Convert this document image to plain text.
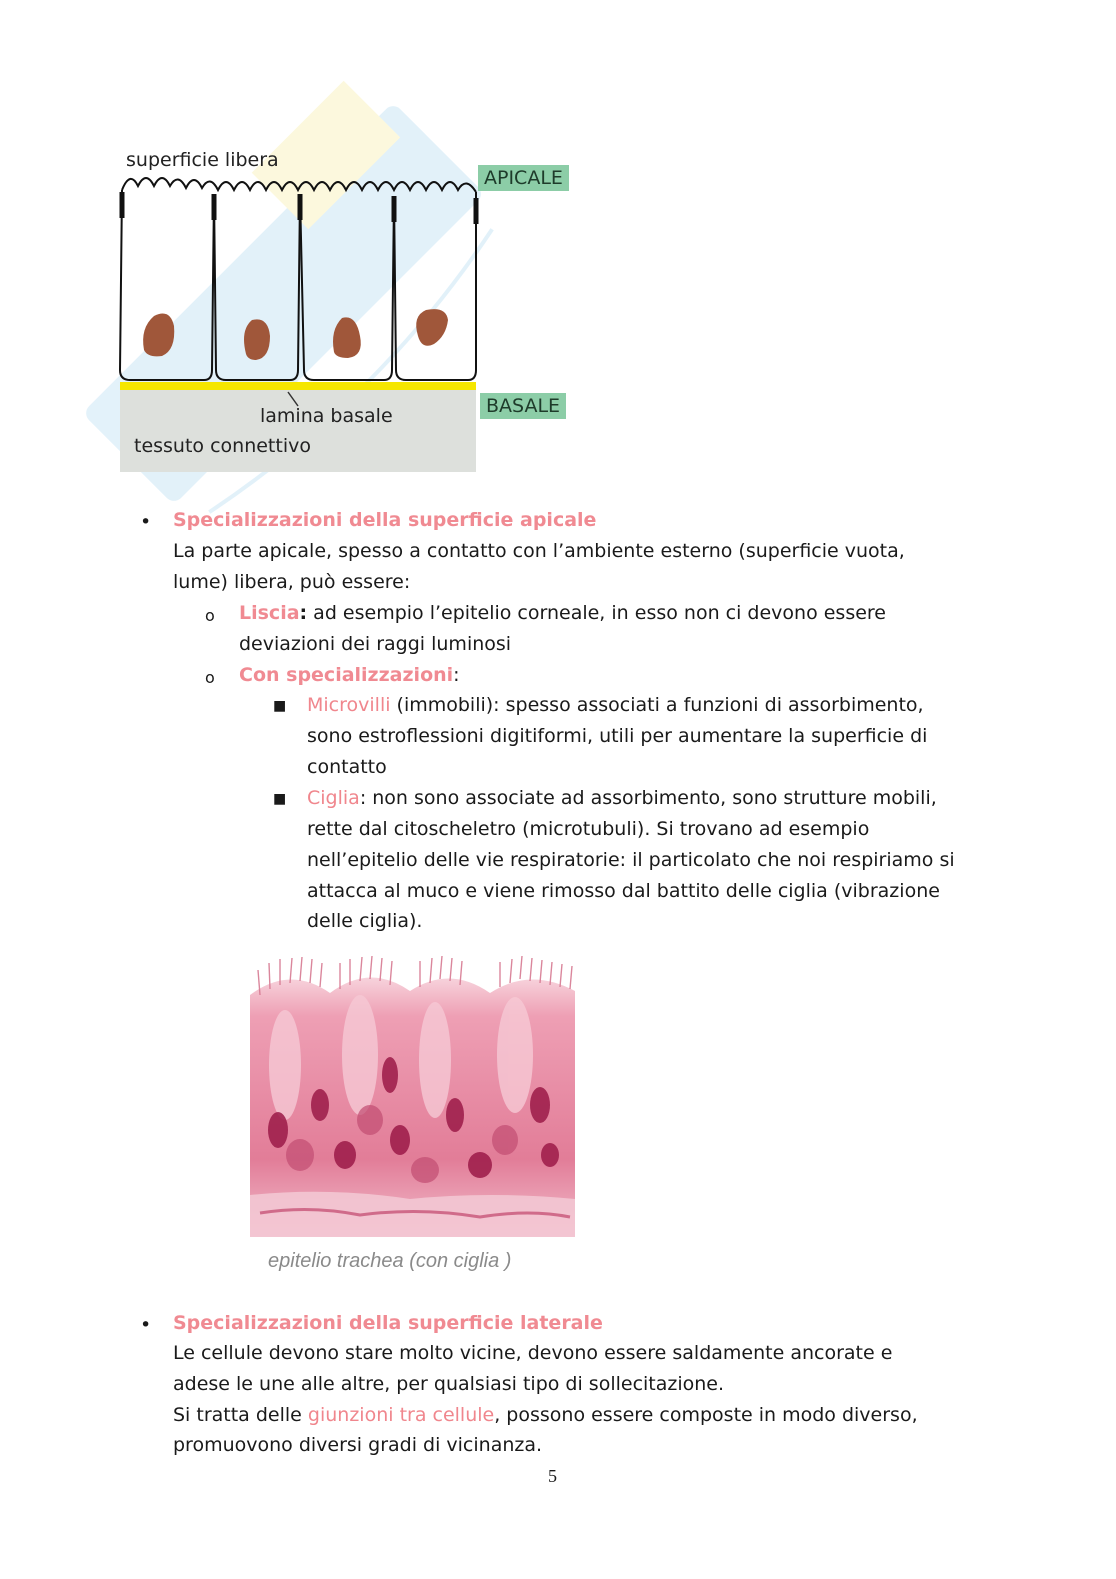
superficie libera
lamina basale
tessuto connettivo
APICALE
BASALE
• Specializzazioni della superficie apicale
La parte apicale, spesso a contatto con l’ambiente esterno (superficie vuota,
lume) libera, può essere:
o Liscia: ad esempio l’epitelio corneale, in esso non ci devono essere
deviazioni dei raggi luminosi
o Con specializzazioni:
■ Microvilli (immobili): spesso associati a funzioni di assorbimento,
sono estroflessioni digitiformi, utili per aumentare la superficie di
contatto
■ Ciglia: non sono associate ad assorbimento, sono strutture mobili,
rette dal citoscheletro (microtubuli). Si trovano ad esempio
nell’epitelio delle vie respiratorie: il particolato che noi respiriamo si
attacca al muco e viene rimosso dal battito delle ciglia (vibrazione
delle ciglia).
epitelio trachea (con ciglia )
• Specializzazioni della superficie laterale
Le cellule devono stare molto vicine, devono essere saldamente ancorate e
adese le une alle altre, per qualsiasi tipo di sollecitazione.
Si tratta delle giunzioni tra cellule, possono essere composte in modo diverso,
promuovono diversi gradi di vicinanza.
5
